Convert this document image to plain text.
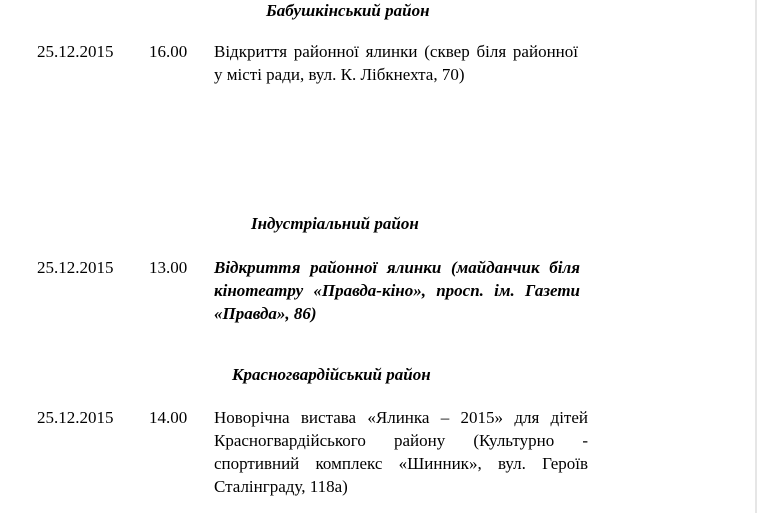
Бабушкінський район
25.12.2015 16.00 Відкриття районної ялинки (сквер біля районної у місті ради, вул. К. Лібкнехта, 70)
Індустріальний район
25.12.2015 13.00 Відкриття районної ялинки (майданчик біля кінотеатру «Правда-кіно», просп. ім. Газети «Правда», 86)
Красногвардійський район
25.12.2015 14.00 Новорічна вистава «Ялинка – 2015» для дітей Красногвардійського району (Культурно - спортивний комплекс «Шинник», вул. Героїв Сталінграду, 118а)
